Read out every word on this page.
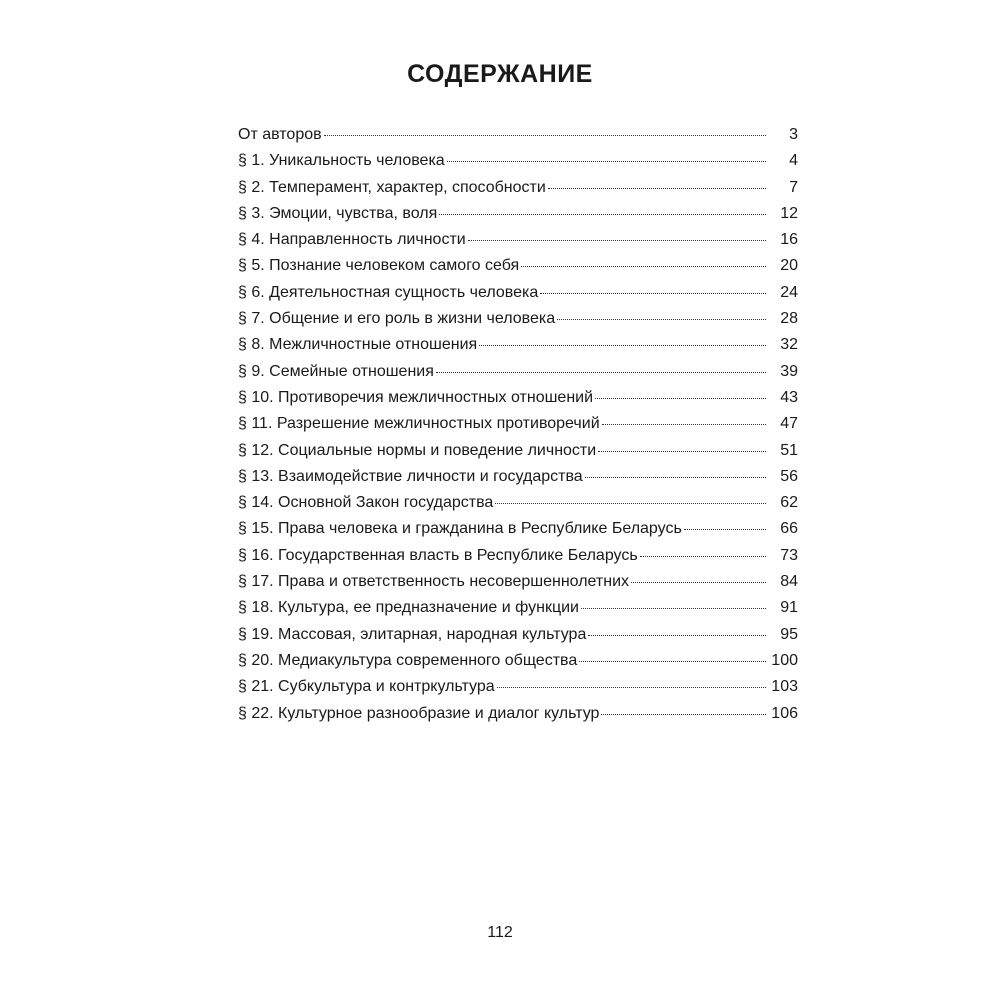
СОДЕРЖАНИЕ
От авторов	3
§ 1. Уникальность человека	4
§ 2. Темперамент, характер, способности	7
§ 3. Эмоции, чувства, воля	12
§ 4. Направленность личности	16
§ 5. Познание человеком самого себя	20
§ 6. Деятельностная сущность человека	24
§ 7. Общение и его роль в жизни человека	28
§ 8. Межличностные отношения	32
§ 9. Семейные отношения	39
§ 10. Противоречия межличностных отношений	43
§ 11. Разрешение межличностных противоречий	47
§ 12. Социальные нормы и поведение личности	51
§ 13. Взаимодействие личности и государства	56
§ 14. Основной Закон государства	62
§ 15. Права человека и гражданина в Республике Беларусь	66
§ 16. Государственная власть в Республике Беларусь	73
§ 17. Права и ответственность несовершеннолетних	84
§ 18. Культура, ее предназначение и функции	91
§ 19. Массовая, элитарная, народная культура	95
§ 20. Медиакультура современного общества	100
§ 21. Субкультура и контркультура	103
§ 22. Культурное разнообразие и диалог культур	106
112
